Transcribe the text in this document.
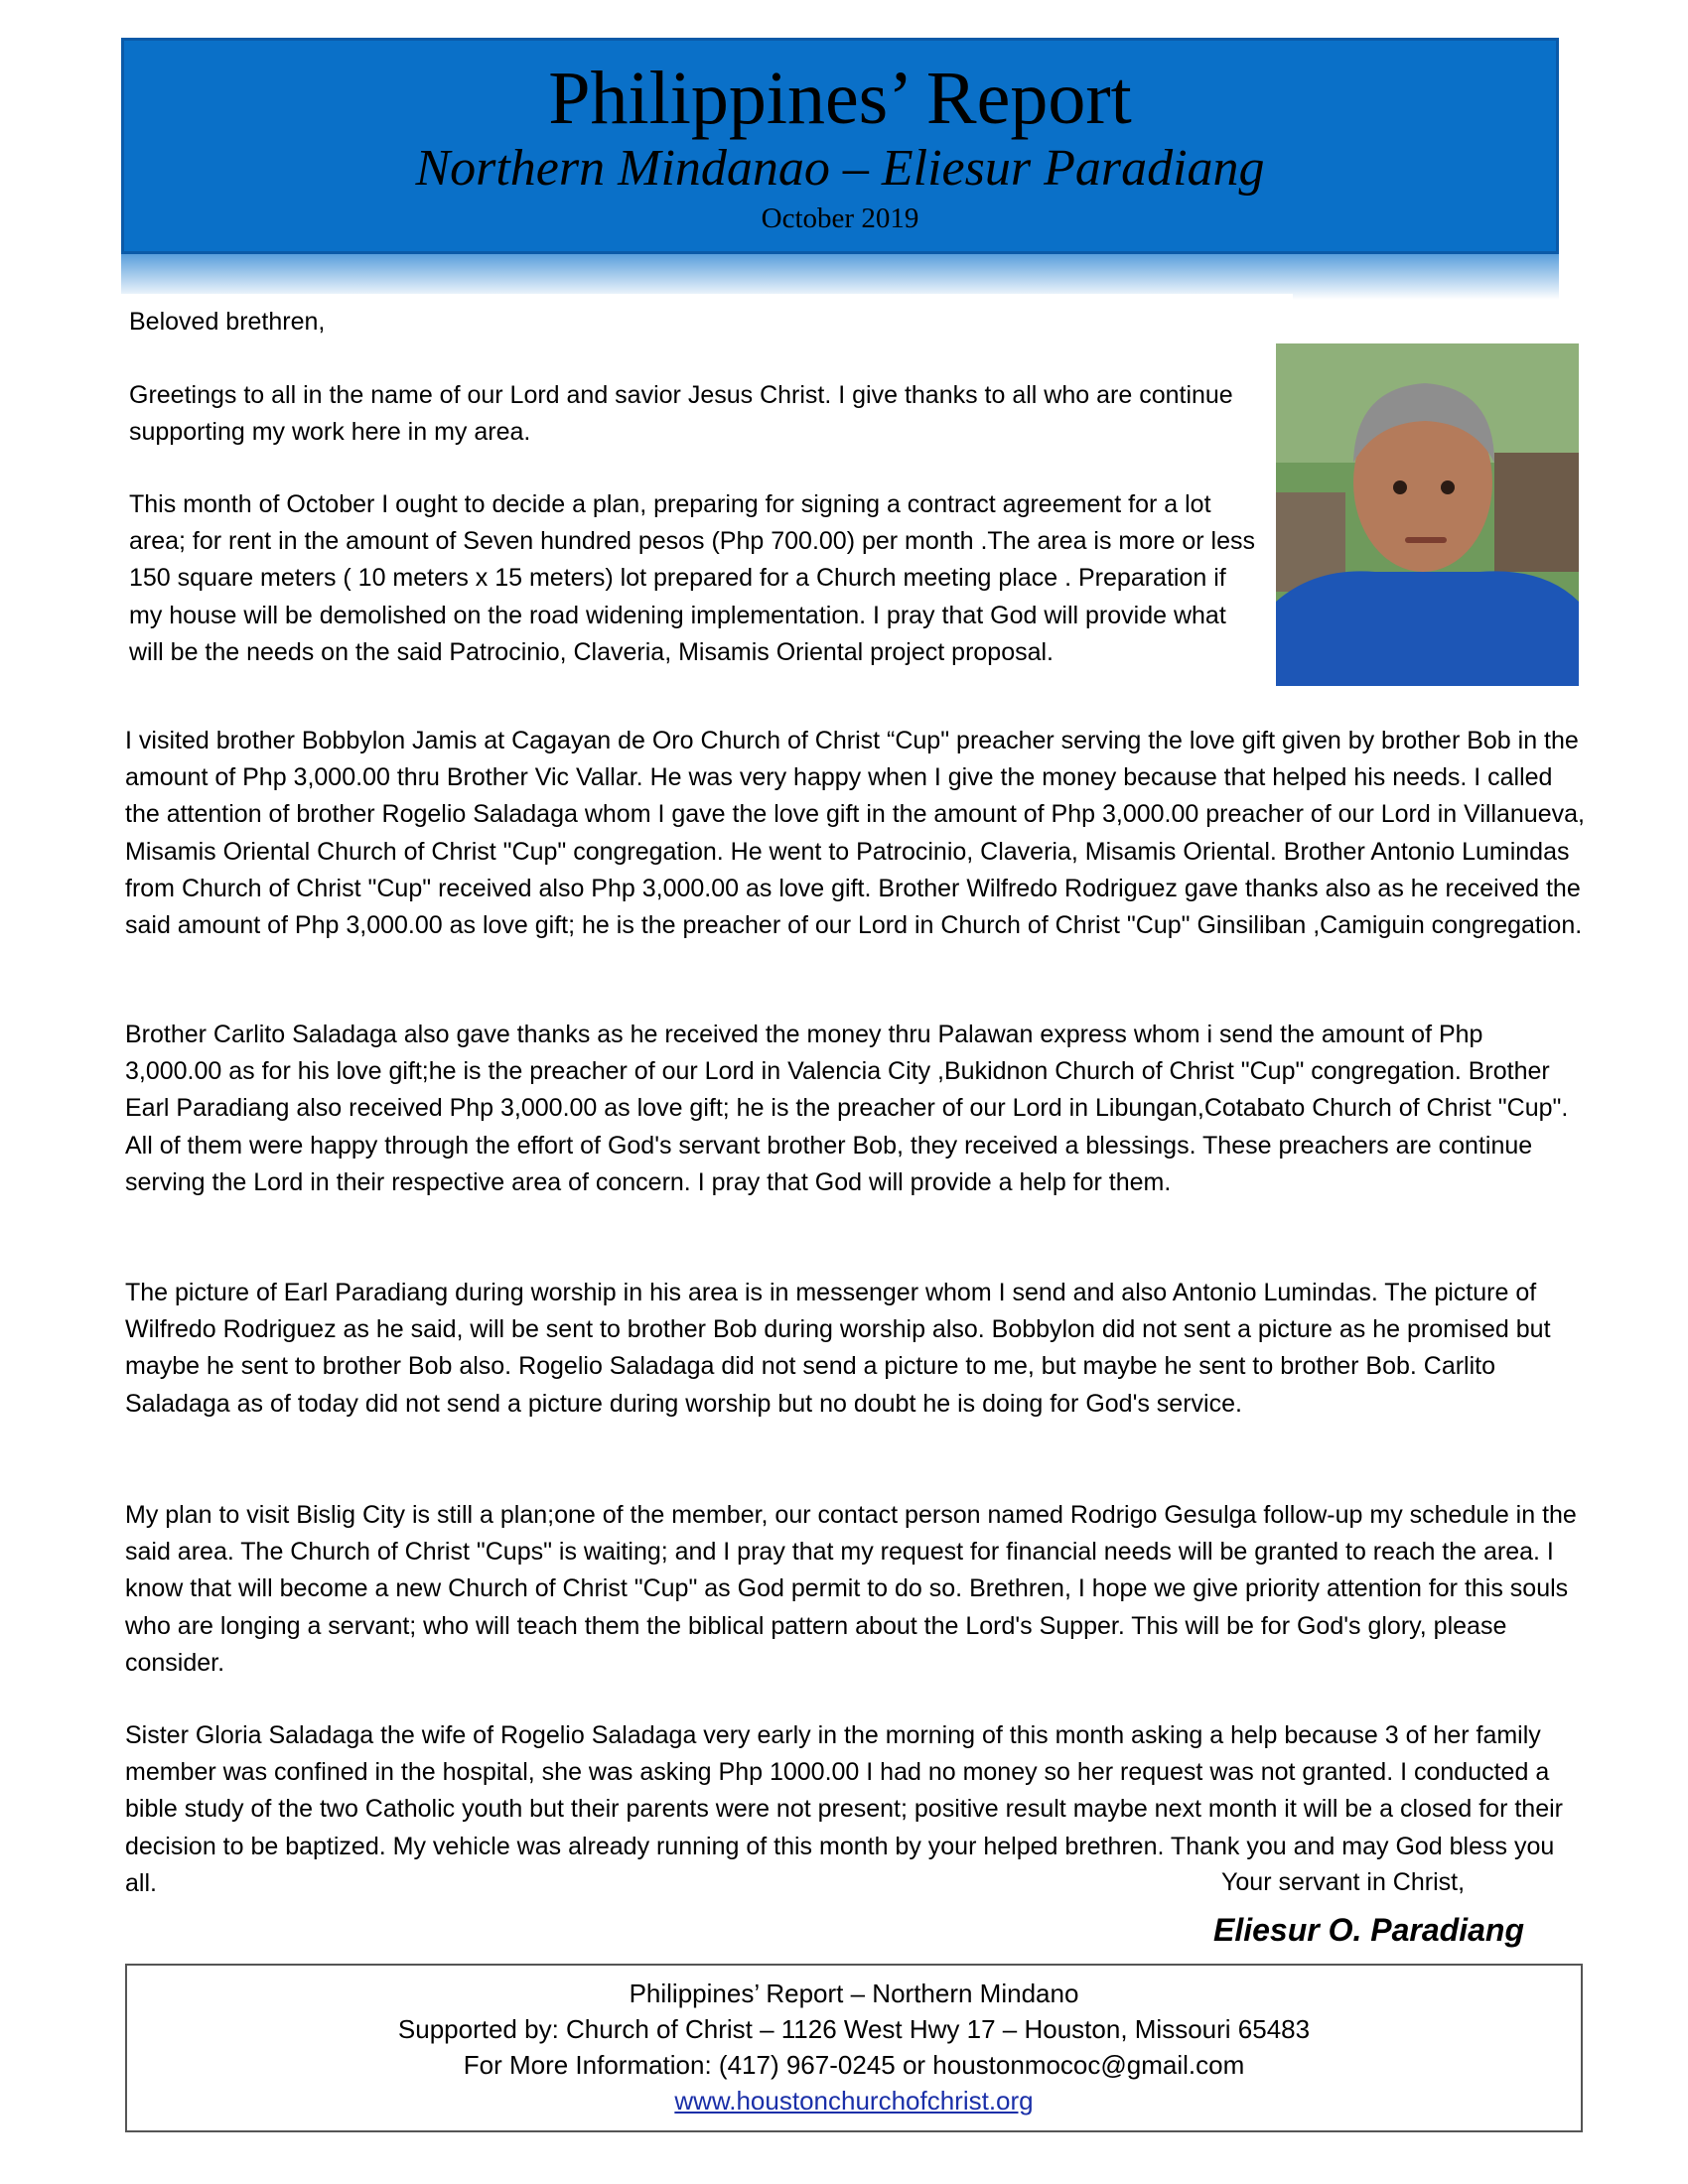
Philippines’ Report
Northern Mindanao – Eliesur Paradiang
October 2019

Beloved brethren,

Greetings to all in the name of our Lord and savior Jesus Christ. I give thanks to all who are continue supporting my work here in my area.

This month of October I ought to decide a plan, preparing for signing a contract agreement for a lot area; for rent in the amount of Seven hundred pesos (Php 700.00) per month .The area is more or less 150 square meters ( 10 meters x 15 meters) lot prepared for a Church meeting place . Preparation if my house will be demolished on the road widening implementation. I pray that God will provide what will be the needs on the said Patrocinio, Claveria, Misamis Oriental project proposal.

I visited brother Bobbylon Jamis at Cagayan de Oro Church of Christ “Cup" preacher serving the love gift given by brother Bob in the amount of Php 3,000.00 thru Brother Vic Vallar. He was very happy when I give the money because that helped his needs. I called the attention of brother Rogelio Saladaga whom I gave the love gift in the amount of Php 3,000.00 preacher of our Lord in Villanueva, Misamis Oriental Church of Christ "Cup" congregation. He went to Patrocinio, Claveria, Misamis Oriental. Brother Antonio Lumindas from Church of Christ "Cup" received also Php 3,000.00 as love gift. Brother Wilfredo Rodriguez gave thanks also as he received the said amount of Php 3,000.00 as love gift; he is the preacher of our Lord in Church of Christ "Cup" Ginsiliban ,Camiguin congregation.

Brother Carlito Saladaga also gave thanks as he received the money thru Palawan express whom i send the amount of Php 3,000.00 as for his love gift;he is the preacher of our Lord in Valencia City ,Bukidnon Church of Christ "Cup" congregation. Brother Earl Paradiang also received Php 3,000.00 as love gift; he is the preacher of our Lord in Libungan,Cotabato Church of Christ "Cup". All of them were happy through the effort of God's servant brother Bob, they received a blessings. These preachers are continue serving the Lord in their respective area of concern. I pray that God will provide a help for them.

The picture of Earl Paradiang during worship in his area is in messenger whom I send and also Antonio Lumindas. The picture of Wilfredo Rodriguez as he said, will be sent to brother Bob during worship also. Bobbylon did not sent a picture as he promised but maybe he sent to brother Bob also. Rogelio Saladaga did not send a picture to me, but maybe he sent to brother Bob. Carlito Saladaga as of today did not send a picture during worship but no doubt he is doing for God's service.

My plan to visit Bislig City is still a plan;one of the member, our contact person named Rodrigo Gesulga follow-up my schedule in the said area. The Church of Christ "Cups" is waiting; and I pray that my request for financial needs will be granted to reach the area. I know that will become a new Church of Christ "Cup" as God permit to do so. Brethren, I hope we give priority attention for this souls who are longing a servant; who will teach them the biblical pattern about the Lord's Supper. This will be for God's glory, please consider.

Sister Gloria Saladaga the wife of Rogelio Saladaga very early in the morning of this month asking a help because 3 of her family member was confined in the hospital, she was asking Php 1000.00 I had no money so her request was not granted. I conducted a bible study of the two Catholic youth but their parents were not present; positive result maybe next month it will be a closed for their decision to be baptized. My vehicle was already running of this month by your helped brethren. Thank you and may God bless you all.	Your servant in Christ,
Eliesur O. Paradiang
Philippines’ Report – Northern Mindano
Supported by: Church of Christ – 1126 West Hwy 17 – Houston, Missouri 65483
For More Information: (417) 967-0245 or houstonmococ@gmail.com
www.houstonchurchofchrist.org
